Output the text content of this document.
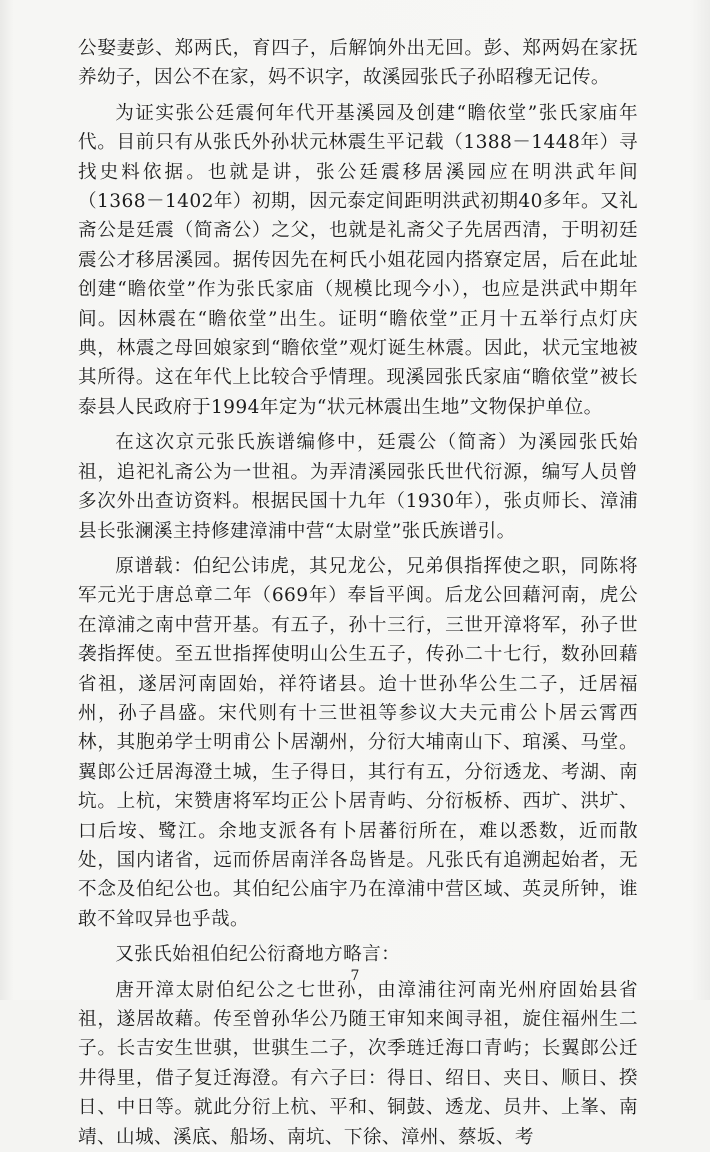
公娶妻彭、郑两氏，育四子，后解饷外出无回。彭、郑两妈在家抚养幼子，因公不在家，妈不识字，故溪园张氏子孙昭穆无记传。

为证实张公廷震何年代开基溪园及创建“瞻依堂”张氏家庙年代。目前只有从张氏外孙状元林震生平记载（1388－1448年）寻找史料依据。也就是讲，张公廷震移居溪园应在明洪武年间（1368－1402年）初期，因元泰定间距明洪武初期40多年。又礼斋公是廷震（简斋公）之父，也就是礼斋父子先居西清，于明初廷震公才移居溪园。据传因先在柯氏小姐花园内搭寮定居，后在此址创建“瞻依堂”作为张氏家庙（规模比现今小），也应是洪武中期年间。因林震在“瞻依堂”出生。证明“瞻依堂”正月十五举行点灯庆典，林震之母回娘家到“瞻依堂”观灯诞生林震。因此，状元宝地被其所得。这在年代上比较合乎情理。现溪园张氏家庙“瞻依堂”被长泰县人民政府于1994年定为“状元林震出生地”文物保护单位。

在这次京元张氏族谱编修中，廷震公（简斋）为溪园张氏始祖，追祀礼斋公为一世祖。为弄清溪园张氏世代衍源，编写人员曾多次外出查访资料。根据民国十九年（1930年），张贞师长、漳浦县长张澜溪主持修建漳浦中营“太尉堂”张氏族谱引。

原谱载：伯纪公讳虎，其兄龙公，兄弟俱指挥使之职，同陈将军元光于唐总章二年（669年）奉旨平闽。后龙公回藉河南，虎公在漳浦之南中营开基。有五子，孙十三行，三世开漳将军，孙子世袭指挥使。至五世指挥使明山公生五子，传孙二十七行，数孙回藉省祖，遂居河南固始，祥符诸县。迨十世孙华公生二子，迁居福州，孙子昌盛。宋代则有十三世祖等参议大夫元甫公卜居云霄西林，其胞弟学士明甫公卜居潮州，分衍大埔南山下、琯溪、马堂。翼郎公迁居海澄土城，生子得日，其行有五，分衍透龙、考湖、南坑。上杭，宋赞唐将军均正公卜居青屿、分衍板桥、西圹、洪圹、口后垵、鹭江。余地支派各有卜居蕃衍所在，难以悉数，近而散处，国内诸省，远而侨居南洋各岛皆是。凡张氏有追溯起始者，无不念及伯纪公也。其伯纪公庙宇乃在漳浦中营区域、英灵所钟，谁敢不耸叹异也乎哉。

又张氏始祖伯纪公衍裔地方略言：

唐开漳太尉伯纪公之七世孙，由漳浦往河南光州府固始县省祖，遂居故藉。传至曾孙华公乃随王审知来闽寻祖，旋住福州生二子。长吉安生世骐，世骐生二子，次季琏迁海口青屿；长翼郎公迁井得里，借子复迁海澄。有六子曰：得日、绍日、夹日、顺日、揆日、中日等。就此分衍上杭、平和、铜鼓、透龙、员井、上峯、南靖、山城、溪底、船场、南坑、下徐、漳州、蔡坂、考

7
